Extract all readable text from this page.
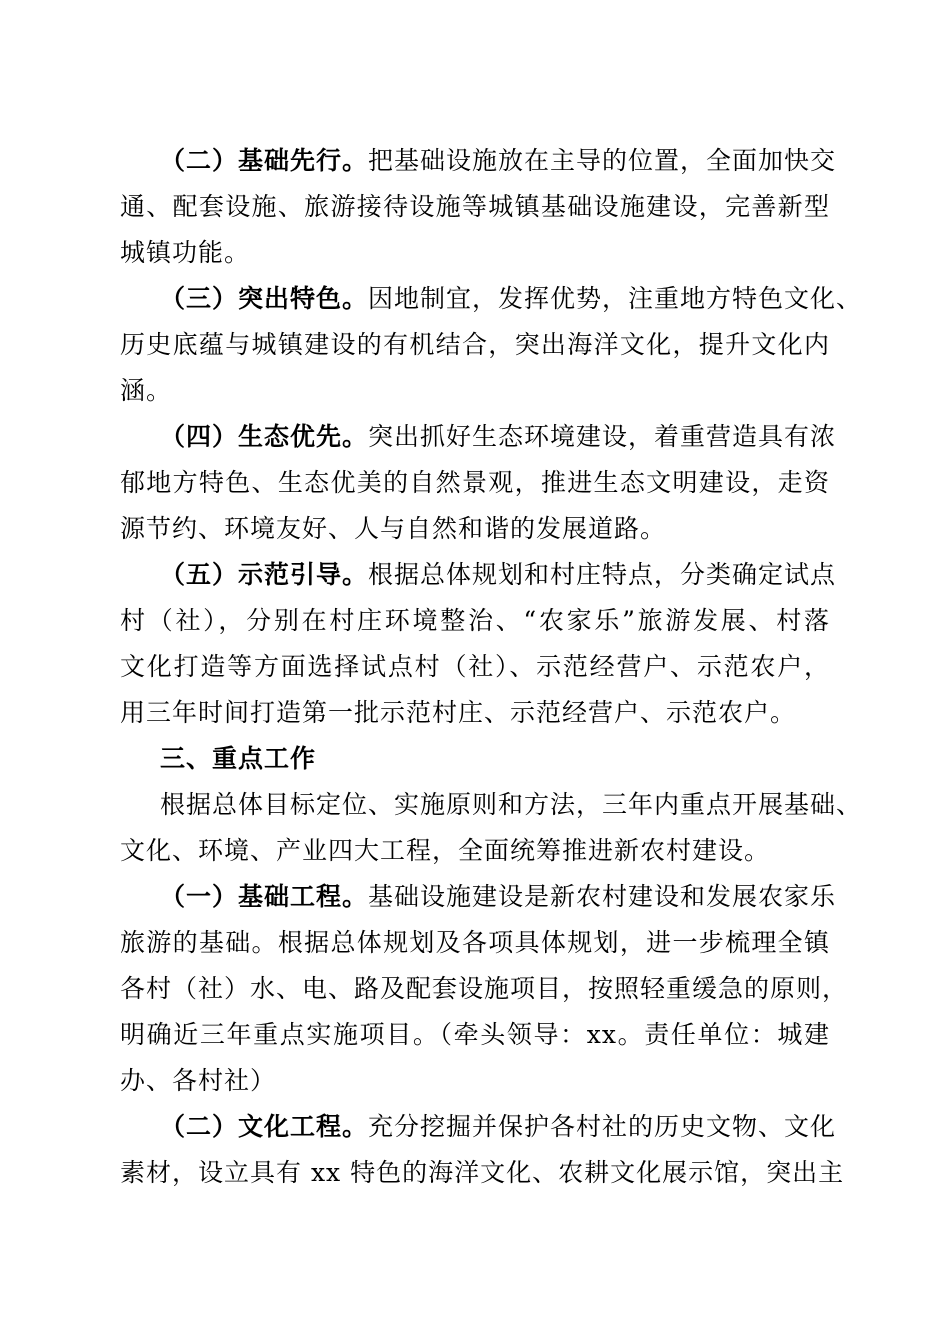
（二）基础先行。把基础设施放在主导的位置，全面加快交
通、配套设施、旅游接待设施等城镇基础设施建设，完善新型
城镇功能。
（三）突出特色。因地制宜，发挥优势，注重地方特色文化、
历史底蕴与城镇建设的有机结合，突出海洋文化，提升文化内
涵。
（四）生态优先。突出抓好生态环境建设，着重营造具有浓
郁地方特色、生态优美的自然景观，推进生态文明建设，走资
源节约、环境友好、人与自然和谐的发展道路。
（五）示范引导。根据总体规划和村庄特点，分类确定试点
村（社），分别在村庄环境整治、“农家乐”旅游发展、村落
文化打造等方面选择试点村（社）、示范经营户、示范农户，
用三年时间打造第一批示范村庄、示范经营户、示范农户。
三、重点工作
根据总体目标定位、实施原则和方法，三年内重点开展基础、
文化、环境、产业四大工程，全面统筹推进新农村建设。
（一）基础工程。基础设施建设是新农村建设和发展农家乐
旅游的基础。根据总体规划及各项具体规划，进一步梳理全镇
各村（社）水、电、路及配套设施项目，按照轻重缓急的原则，
明确近三年重点实施项目。（牵头领导：xx。责任单位：城建
办、各村社）
（二）文化工程。充分挖掘并保护各村社的历史文物、文化
素材，设立具有 xx 特色的海洋文化、农耕文化展示馆，突出主
